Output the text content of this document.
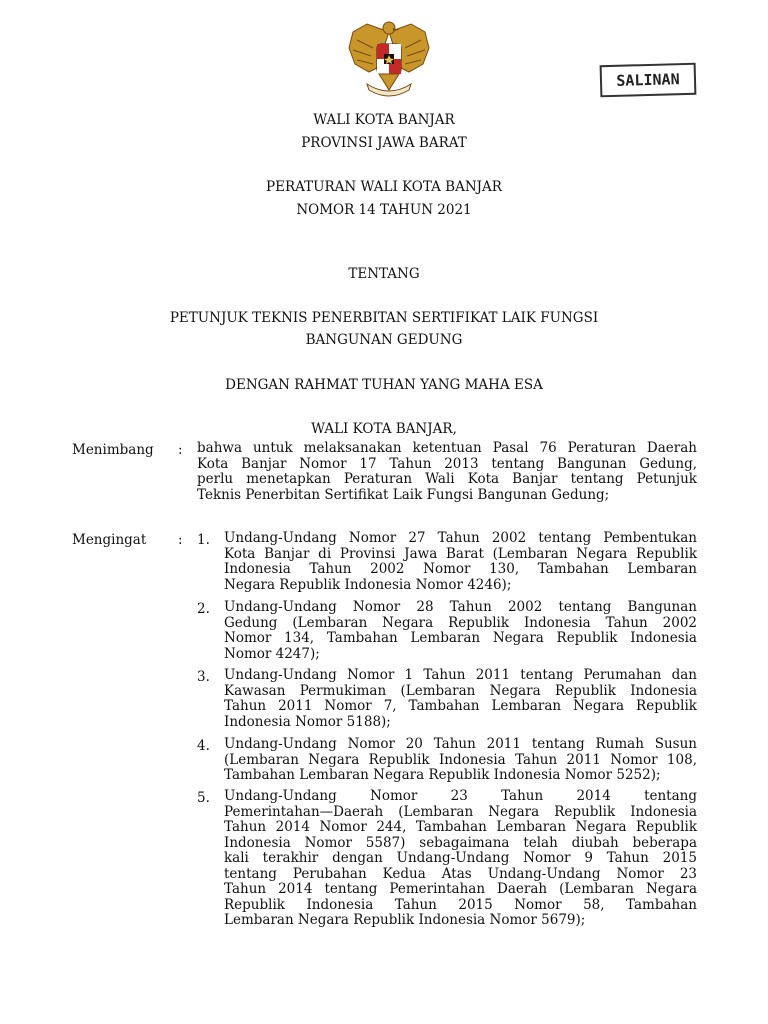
SALINAN
WALI KOTA BANJAR
PROVINSI JAWA BARAT
PERATURAN WALI KOTA BANJAR
NOMOR 14 TAHUN 2021
TENTANG
PETUNJUK TEKNIS PENERBITAN SERTIFIKAT LAIK FUNGSI
BANGUNAN GEDUNG
DENGAN RAHMAT TUHAN YANG MAHA ESA
WALI KOTA BANJAR,
Menimbang : bahwa untuk melaksanakan ketentuan Pasal 76 Peraturan Daerah
Kota Banjar Nomor 17 Tahun 2013 tentang Bangunan Gedung,
perlu menetapkan Peraturan Wali Kota Banjar tentang Petunjuk
Teknis Penerbitan Sertifikat Laik Fungsi Bangunan Gedung;
Mengingat : 1. Undang-Undang Nomor 27 Tahun 2002 tentang Pembentukan
Kota Banjar di Provinsi Jawa Barat (Lembaran Negara Republik
Indonesia Tahun 2002 Nomor 130, Tambahan Lembaran
Negara Republik Indonesia Nomor 4246);
2. Undang-Undang Nomor 28 Tahun 2002 tentang Bangunan
Gedung (Lembaran Negara Republik Indonesia Tahun 2002
Nomor 134, Tambahan Lembaran Negara Republik Indonesia
Nomor 4247);
3. Undang-Undang Nomor 1 Tahun 2011 tentang Perumahan dan
Kawasan Permukiman (Lembaran Negara Republik Indonesia
Tahun 2011 Nomor 7, Tambahan Lembaran Negara Republik
Indonesia Nomor 5188);
4. Undang-Undang Nomor 20 Tahun 2011 tentang Rumah Susun
(Lembaran Negara Republik Indonesia Tahun 2011 Nomor 108,
Tambahan Lembaran Negara Republik Indonesia Nomor 5252);
5. Undang-Undang Nomor 23 Tahun 2014 tentang
Pemerintahan—Daerah (Lembaran Negara Republik Indonesia
Tahun 2014 Nomor 244, Tambahan Lembaran Negara Republik
Indonesia Nomor 5587) sebagaimana telah diubah beberapa
kali terakhir dengan Undang-Undang Nomor 9 Tahun 2015
tentang Perubahan Kedua Atas Undang-Undang Nomor 23
Tahun 2014 tentang Pemerintahan Daerah (Lembaran Negara
Republik Indonesia Tahun 2015 Nomor 58, Tambahan
Lembaran Negara Republik Indonesia Nomor 5679);
